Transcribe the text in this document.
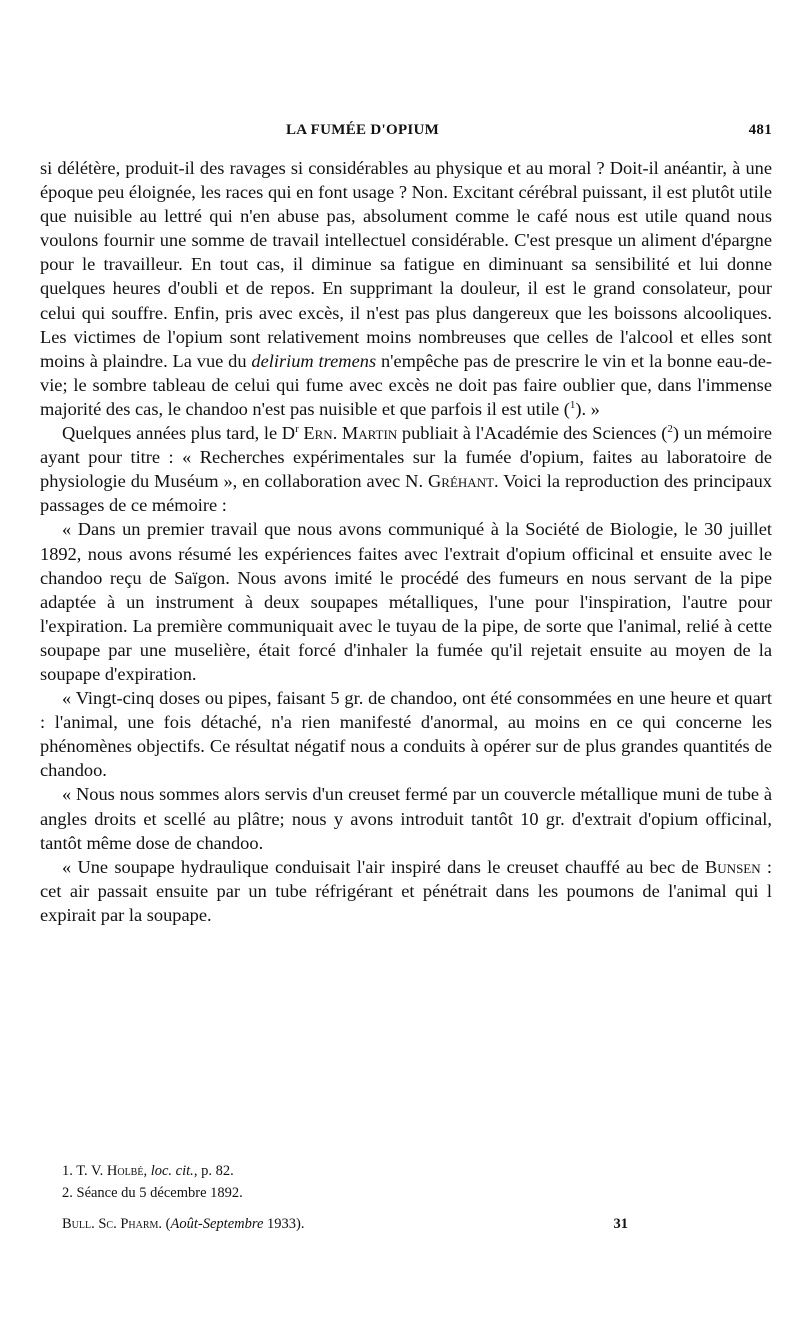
LA FUMÉE D'OPIUM	481

si délétère, produit-il des ravages si considérables au physique et au moral ? Doit-il anéantir, à une époque peu éloignée, les races qui en font usage ? Non. Excitant cérébral puissant, il est plutôt utile que nuisible au lettré qui n'en abuse pas, absolument comme le café nous est utile quand nous voulons fournir une somme de travail intellectuel considérable. C'est presque un aliment d'épargne pour le travailleur. En tout cas, il diminue sa fatigue en diminuant sa sensibilité et lui donne quelques heures d'oubli et de repos. En supprimant la douleur, il est le grand consolateur, pour celui qui souffre. Enfin, pris avec excès, il n'est pas plus dangereux que les boissons alcooliques. Les victimes de l'opium sont relativement moins nombreuses que celles de l'alcool et elles sont moins à plaindre. La vue du delirium tremens n'empêche pas de prescrire le vin et la bonne eau-de-vie; le sombre tableau de celui qui fume avec excès ne doit pas faire oublier que, dans l'immense majorité des cas, le chandoo n'est pas nuisible et que parfois il est utile ($^1$). »

Quelques années plus tard, le $D^r$ Ern. Martin publiait à l'Académie des Sciences ($^2$) un mémoire ayant pour titre : « Recherches expérimentales sur la fumée d'opium, faites au laboratoire de physiologie du Muséum », en collaboration avec N. Gréhant. Voici la reproduction des principaux passages de ce mémoire :

« Dans un premier travail que nous avons communiqué à la Société de Biologie, le 30 juillet 1892, nous avons résumé les expériences faites avec l'extrait d'opium officinal et ensuite avec le chandoo reçu de Saïgon. Nous avons imité le procédé des fumeurs en nous servant de la pipe adaptée à un instrument à deux soupapes métalliques, l'une pour l'inspiration, l'autre pour l'expiration. La première communiquait avec le tuyau de la pipe, de sorte que l'animal, relié à cette soupape par une muselière, était forcé d'inhaler la fumée qu'il rejetait ensuite au moyen de la soupape d'expiration.

« Vingt-cinq doses ou pipes, faisant 5 gr. de chandoo, ont été consommées en une heure et quart : l'animal, une fois détaché, n'a rien manifesté d'anormal, au moins en ce qui concerne les phénomènes objectifs. Ce résultat négatif nous a conduits à opérer sur de plus grandes quantités de chandoo.

« Nous nous sommes alors servis d'un creuset fermé par un couvercle métallique muni de tube à angles droits et scellé au plâtre; nous y avons introduit tantôt 10 gr. d'extrait d'opium officinal, tantôt même dose de chandoo.

« Une soupape hydraulique conduisait l'air inspiré dans le creuset chauffé au bec de Bunsen : cet air passait ensuite par un tube réfrigérant et pénétrait dans les poumons de l'animal qui l expirait par la soupape.

1. T. V. Holbé, loc. cit., p. 82.

2. Séance du 5 décembre 1892.

Bull. Sc. Pharm. (Août-Septembre 1933).	31
